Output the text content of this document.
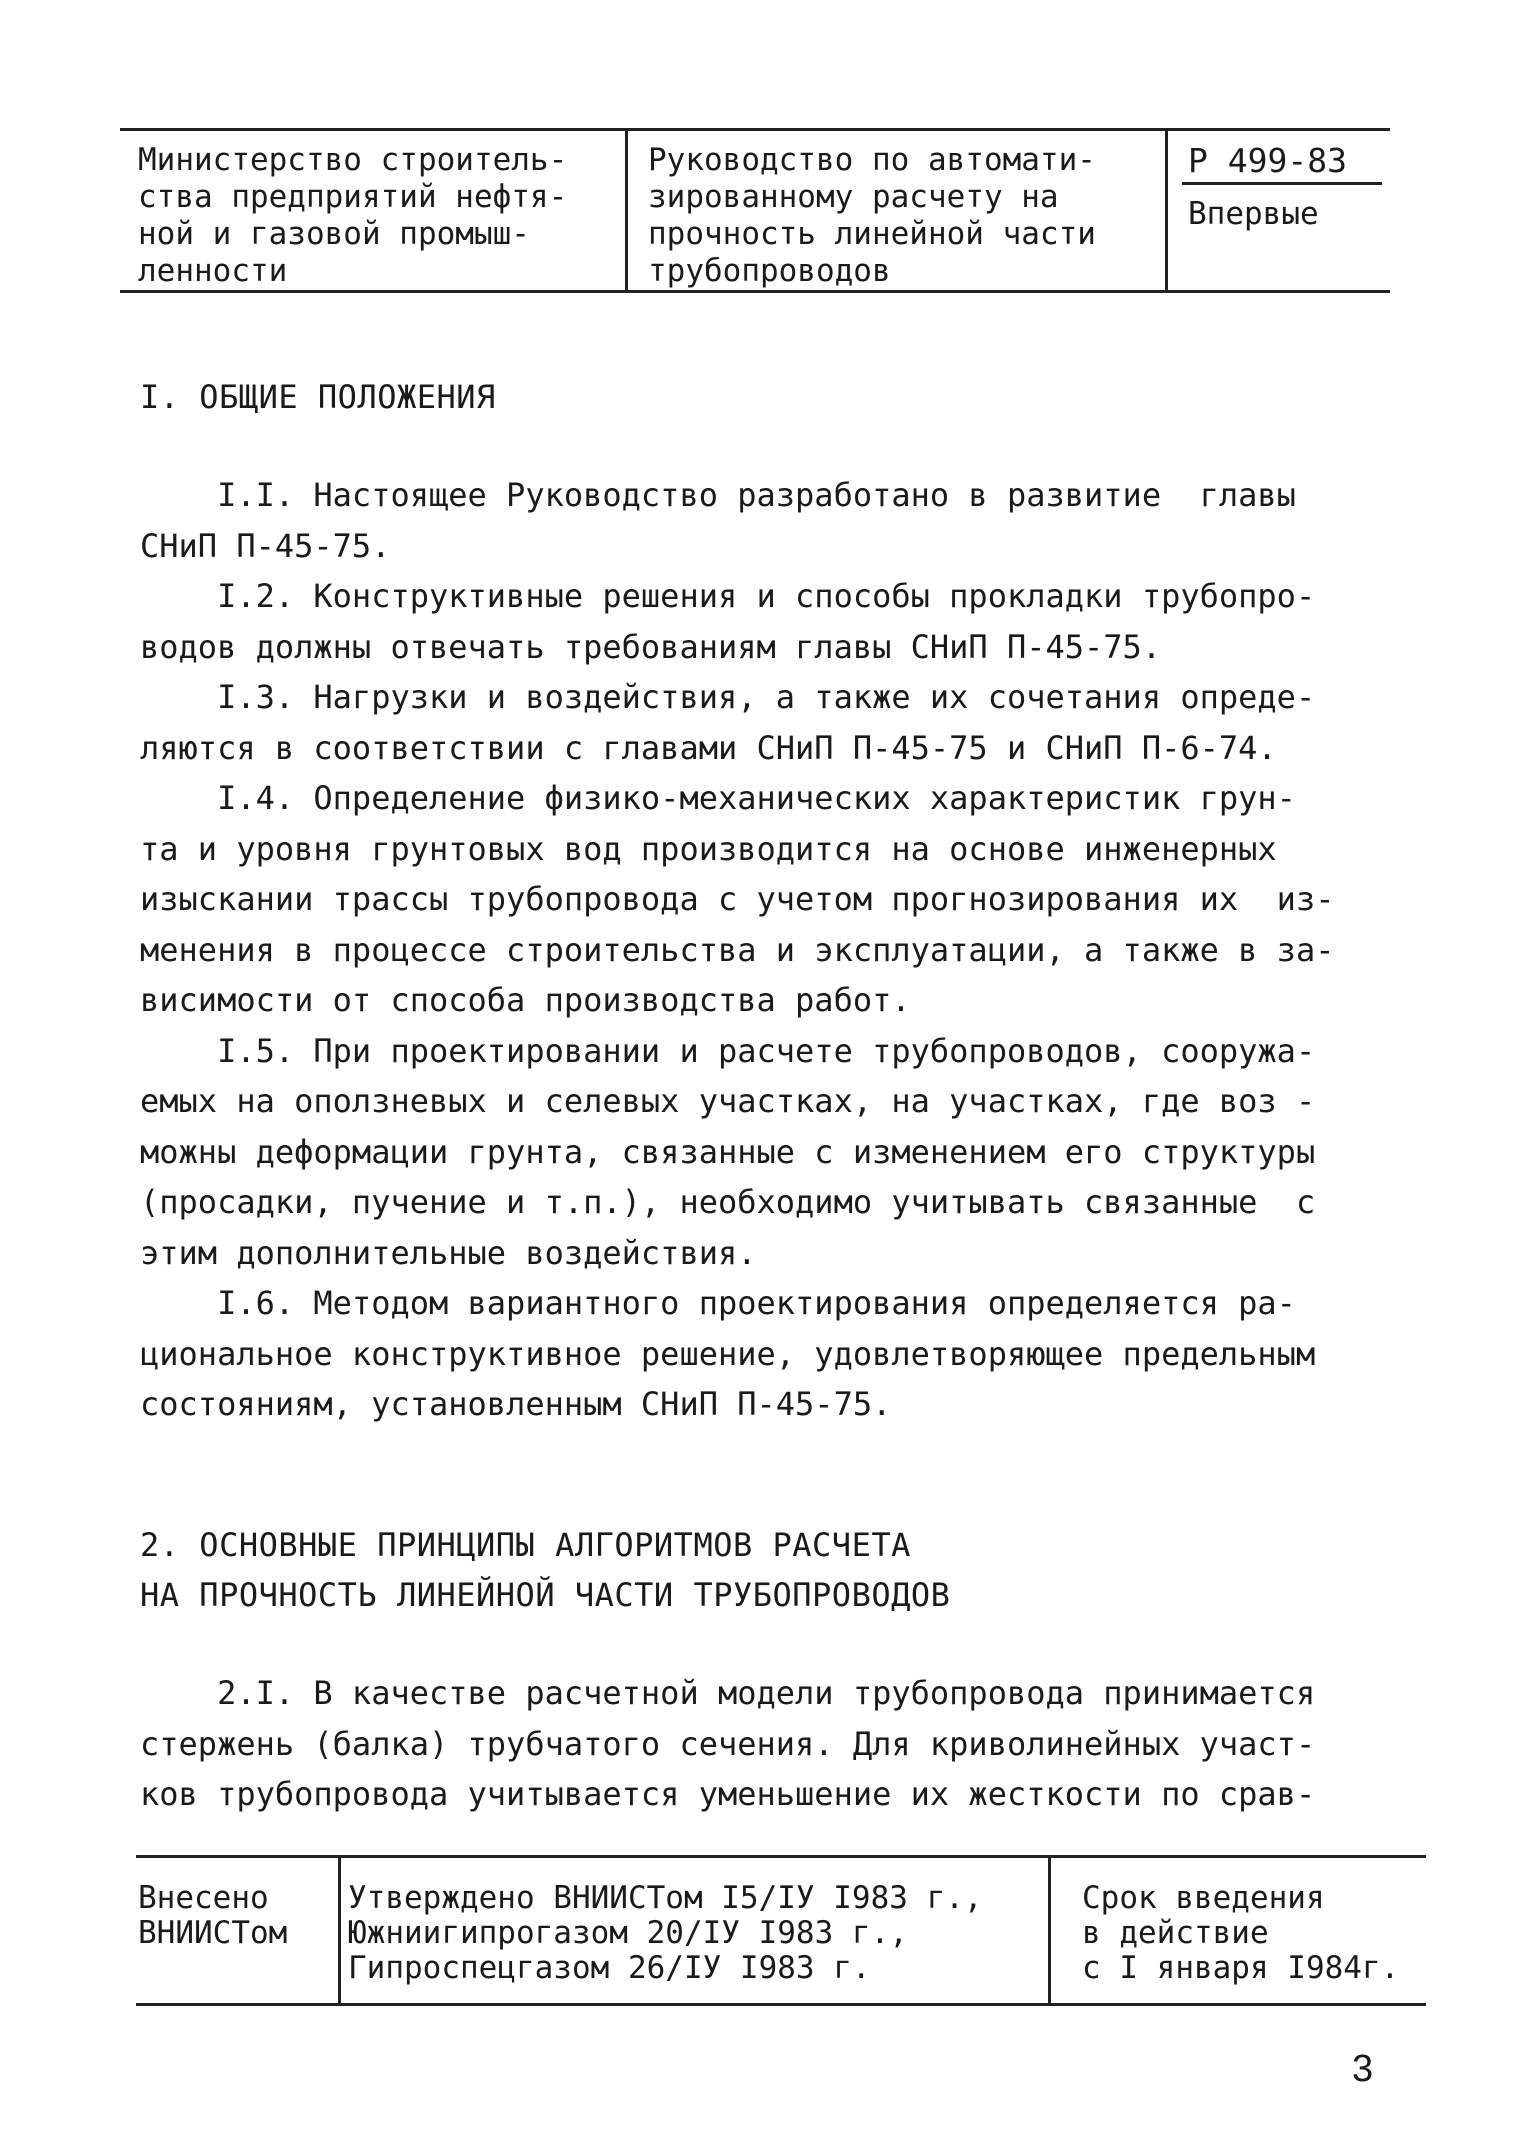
Министерство строитель-
ства предприятий нефтя-
ной и газовой промыш-
ленности
Руководство по автомати-
зированному расчету на
прочность линейной части
трубопроводов
Р 499-83
Впервые
I. ОБЩИЕ ПОЛОЖЕНИЯ
I.I. Настоящее Руководство разработано в развитие  главы
СНиП П-45-75.
I.2. Конструктивные решения и способы прокладки трубопро-
водов должны отвечать требованиям главы СНиП П-45-75.
I.3. Нагрузки и воздействия, а также их сочетания опреде-
ляются в соответствии с главами СНиП П-45-75 и СНиП П-6-74.
I.4. Определение физико-механических характеристик грун-
та и уровня грунтовых вод производится на основе инженерных
изыскании трассы трубопровода с учетом прогнозирования их  из-
менения в процессе строительства и эксплуатации, а также в за-
висимости от способа производства работ.
I.5. При проектировании и расчете трубопроводов, сооружа-
емых на оползневых и селевых участках, на участках, где воз -
можны деформации грунта, связанные с изменением его структуры
(просадки, пучение и т.п.), необходимо учитывать связанные  с
этим дополнительные воздействия.
I.6. Методом вариантного проектирования определяется ра-
циональное конструктивное решение, удовлетворяющее предельным
состояниям, установленным СНиП П-45-75.
2. ОСНОВНЫЕ ПРИНЦИПЫ АЛГОРИТМОВ РАСЧЕТА
НА ПРОЧНОСТЬ ЛИНЕЙНОЙ ЧАСТИ ТРУБОПРОВОДОВ
2.I. В качестве расчетной модели трубопровода принимается
стержень (балка) трубчатого сечения. Для криволинейных участ-
ков трубопровода учитывается уменьшение их жесткости по срав-
Внесено
ВНИИСТом
Утверждено ВНИИСТом I5/IУ I983 г.,
Южниигипрогазом 20/IУ I983 г.,
Гипроспецгазом 26/IУ I983 г.
Срок введения
в действие
с I января I984г.
3
